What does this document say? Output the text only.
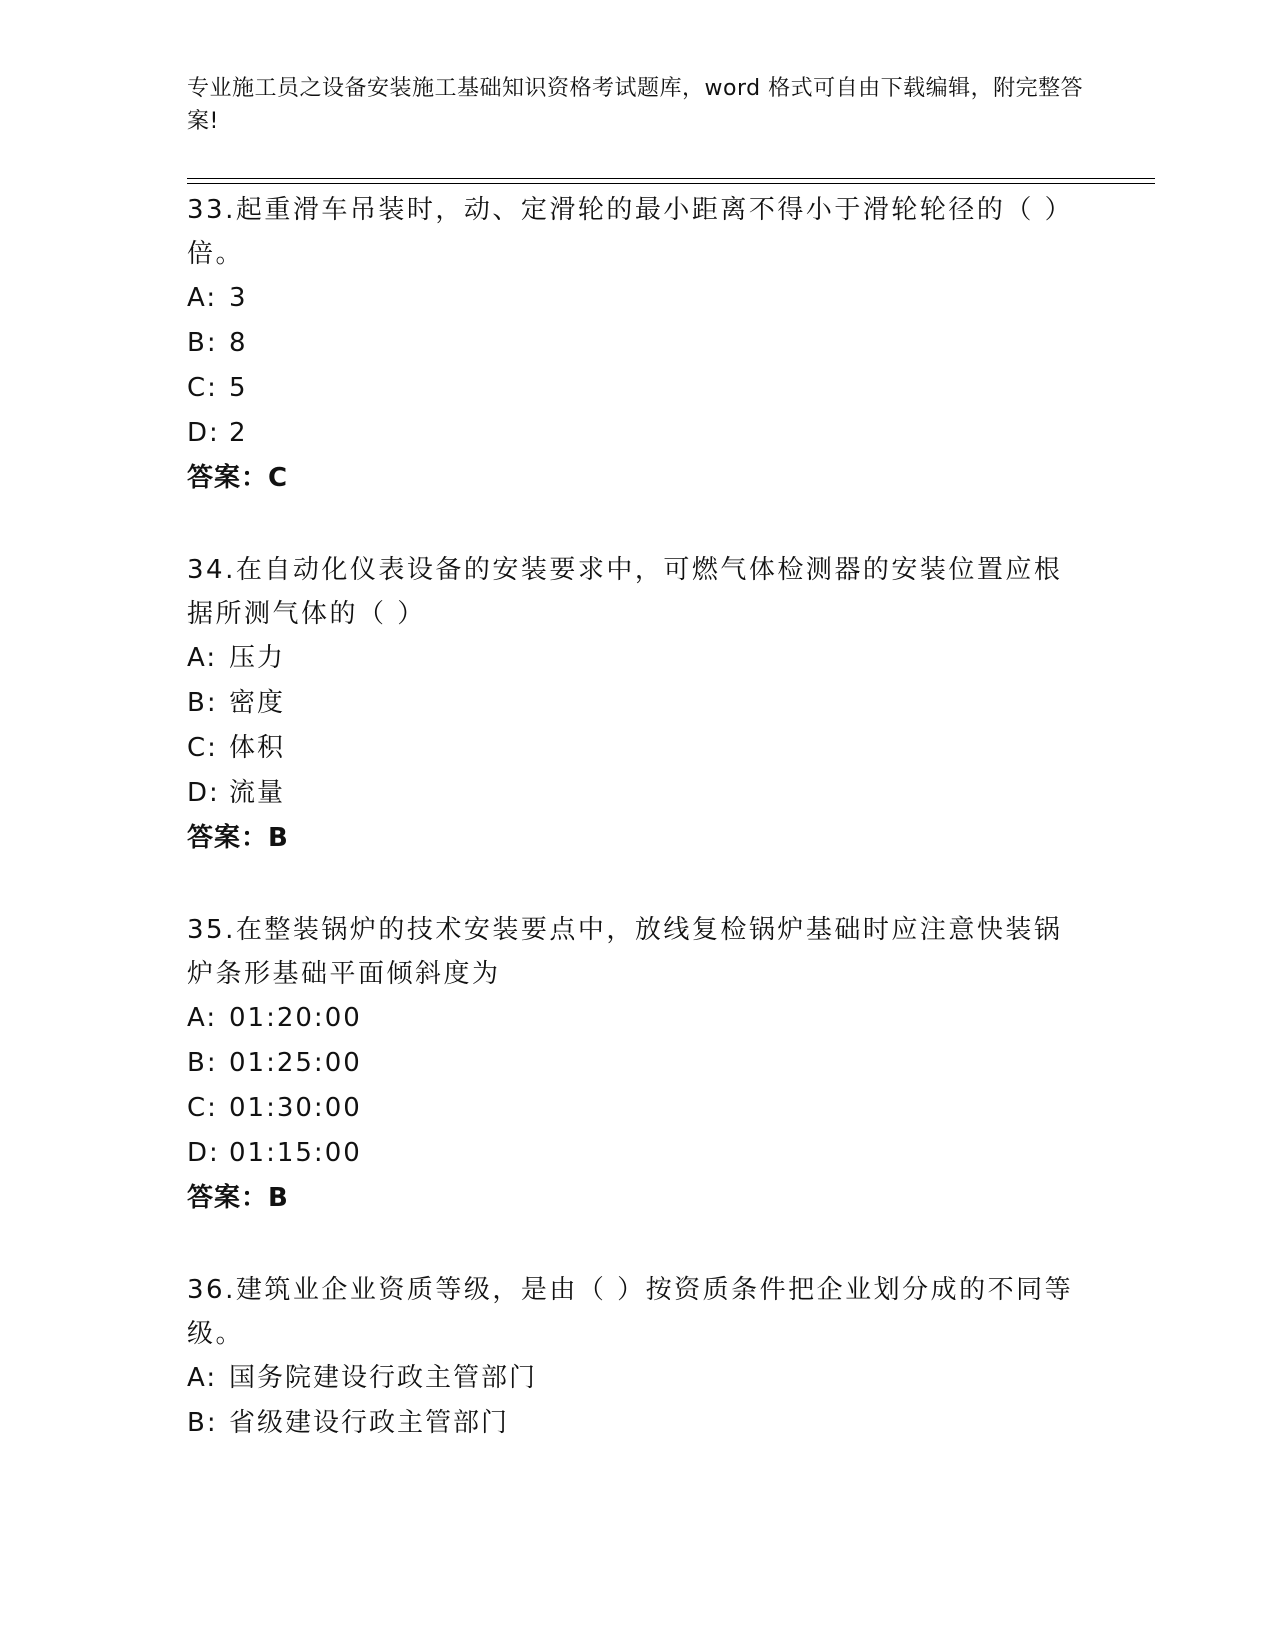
专业施工员之设备安装施工基础知识资格考试题库，word 格式可自由下载编辑，附完整答案!

33.起重滑车吊装时，动、定滑轮的最小距离不得小于滑轮轮径的（ ）倍。

A: 3

B: 8

C: 5

D: 2

答案：C

34.在自动化仪表设备的安装要求中，可燃气体检测器的安装位置应根据所测气体的（ ）

A: 压力

B: 密度

C: 体积

D: 流量

答案：B

35.在整装锅炉的技术安装要点中，放线复检锅炉基础时应注意快装锅炉条形基础平面倾斜度为

A: 01:20:00

B: 01:25:00

C: 01:30:00

D: 01:15:00

答案：B

36.建筑业企业资质等级，是由（ ）按资质条件把企业划分成的不同等级。

A: 国务院建设行政主管部门

B: 省级建设行政主管部门
